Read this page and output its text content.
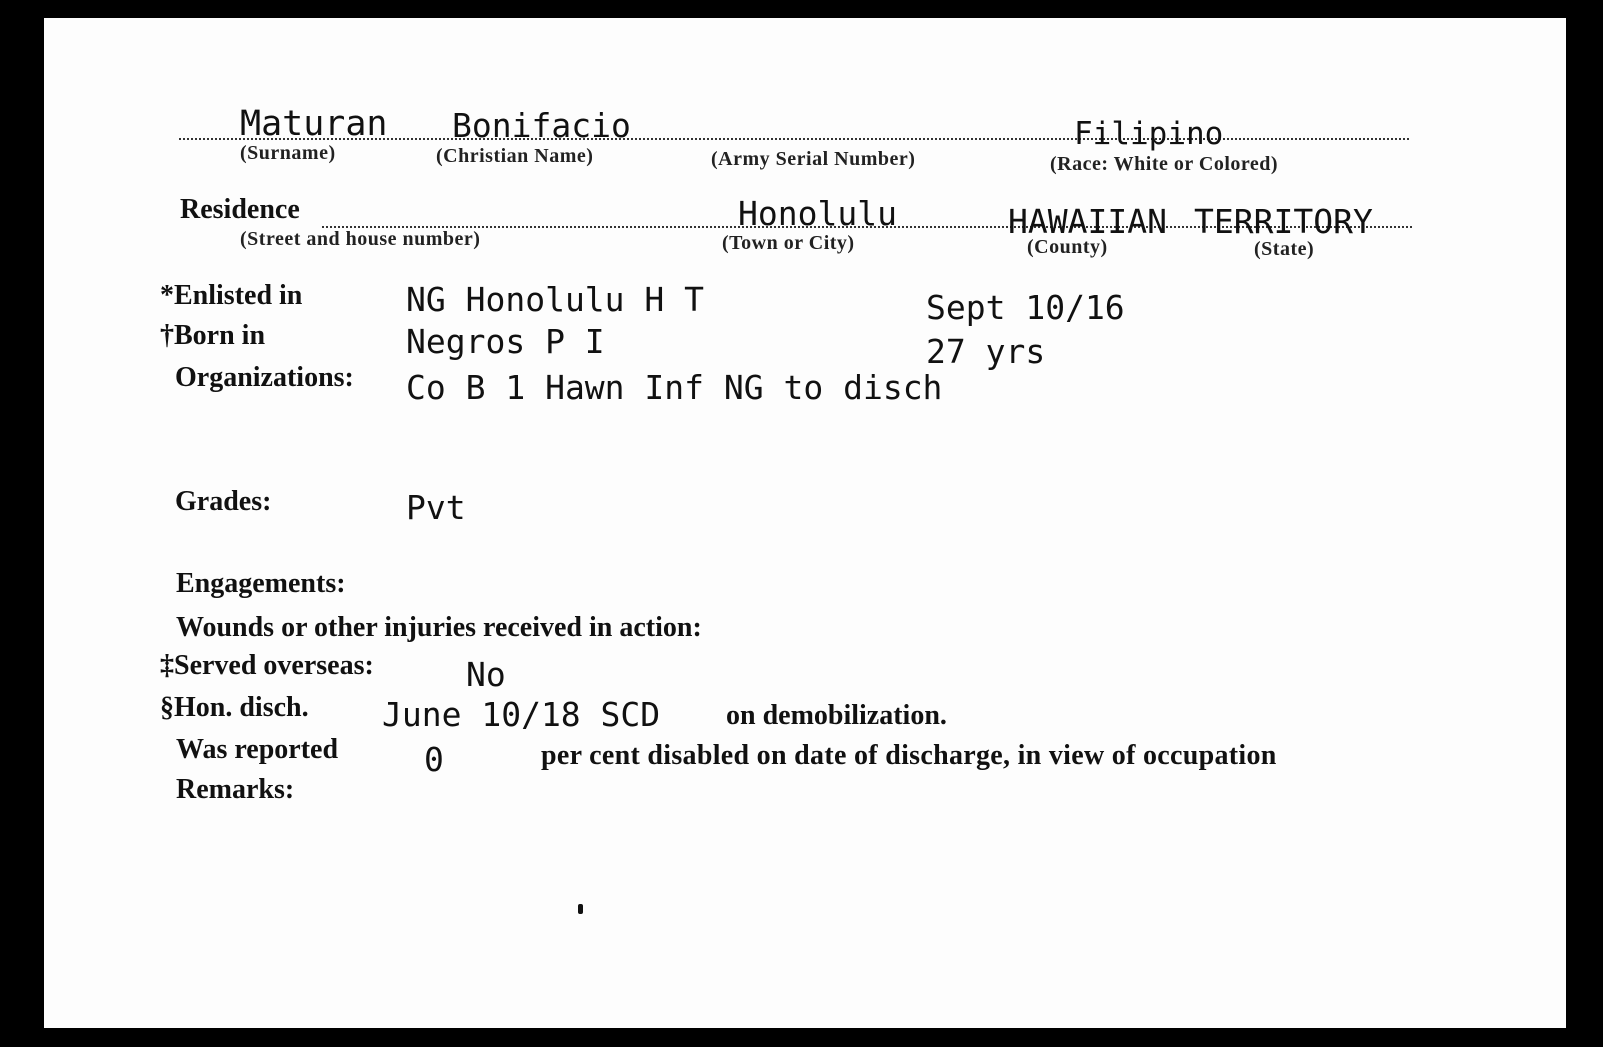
Maturan Bonifacio	Filipino
(Surname)	(Christian Name)	(Army Serial Number)	(Race: White or Colored)
Residence	Honolulu	HAWAIIAN TERRITORY
(Street and house number)	(Town or City)	(County)	(State)
*Enlisted in	NG Honolulu H T	Sept 10/16
†Born in	Negros P I	27 yrs
Organizations: Co B 1 Hawn Inf NG to disch
Grades:	Pvt
Engagements:
Wounds or other injuries received in action:
‡Served overseas:	No
§Hon. disch. June 10/18 SCD on demobilization.
Was reported	0	per cent disabled on date of discharge, in view of occupation
Remarks:
